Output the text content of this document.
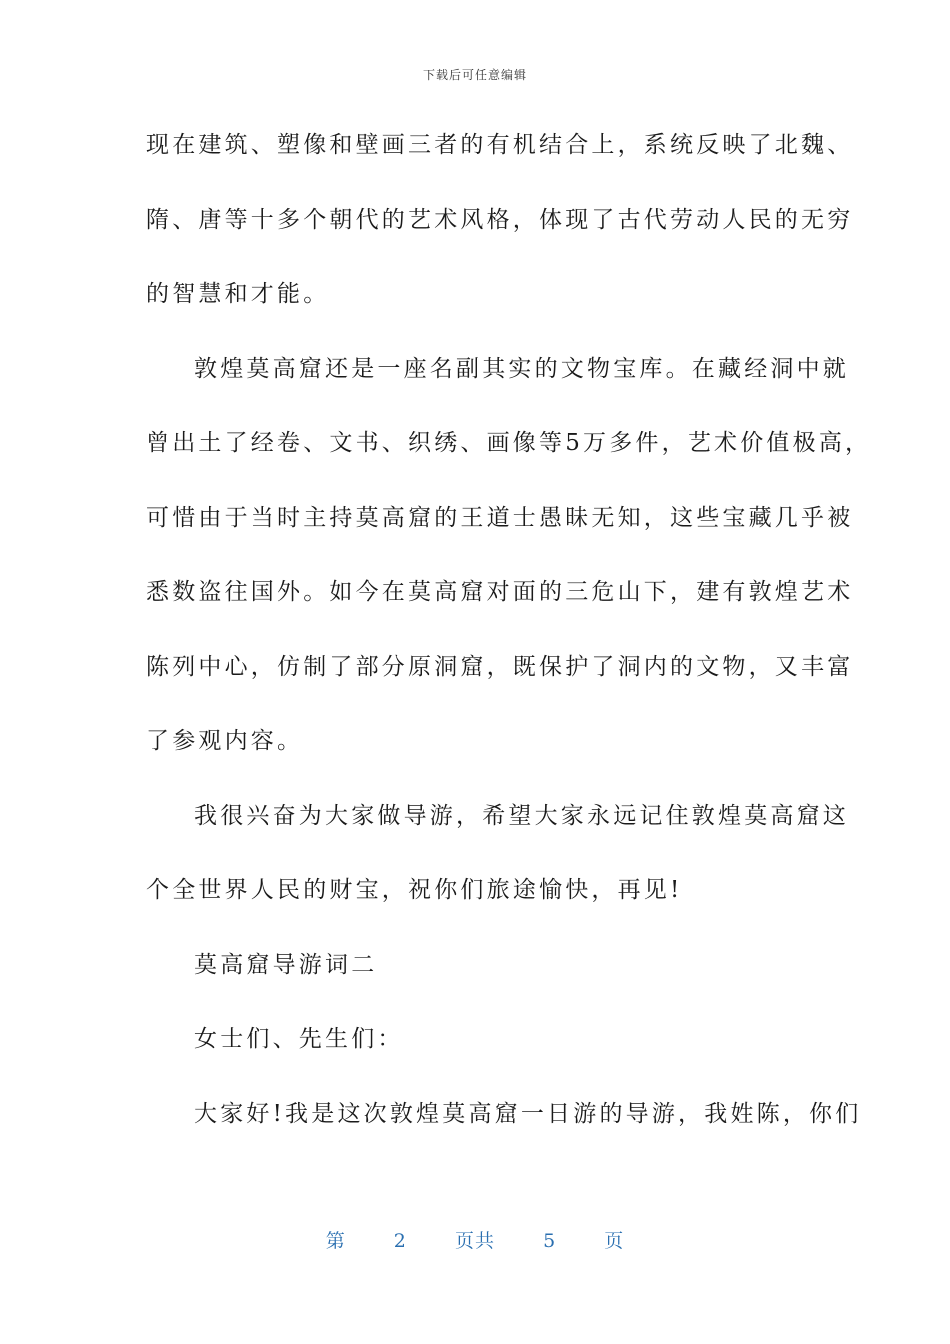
下载后可任意编辑
现在建筑、塑像和壁画三者的有机结合上，系统反映了北魏、
隋、唐等十多个朝代的艺术风格，体现了古代劳动人民的无穷
的智慧和才能。
敦煌莫高窟还是一座名副其实的文物宝库。在藏经洞中就
曾出土了经卷、文书、织绣、画像等5万多件，艺术价值极高，
可惜由于当时主持莫高窟的王道士愚昧无知，这些宝藏几乎被
悉数盗往国外。如今在莫高窟对面的三危山下，建有敦煌艺术
陈列中心，仿制了部分原洞窟，既保护了洞内的文物，又丰富
了参观内容。
我很兴奋为大家做导游，希望大家永远记住敦煌莫高窟这
个全世界人民的财宝，祝你们旅途愉快，再见!
莫高窟导游词二
女士们、先生们：
大家好!我是这次敦煌莫高窟一日游的导游，我姓陈，你们
第	2	页共	5	页
